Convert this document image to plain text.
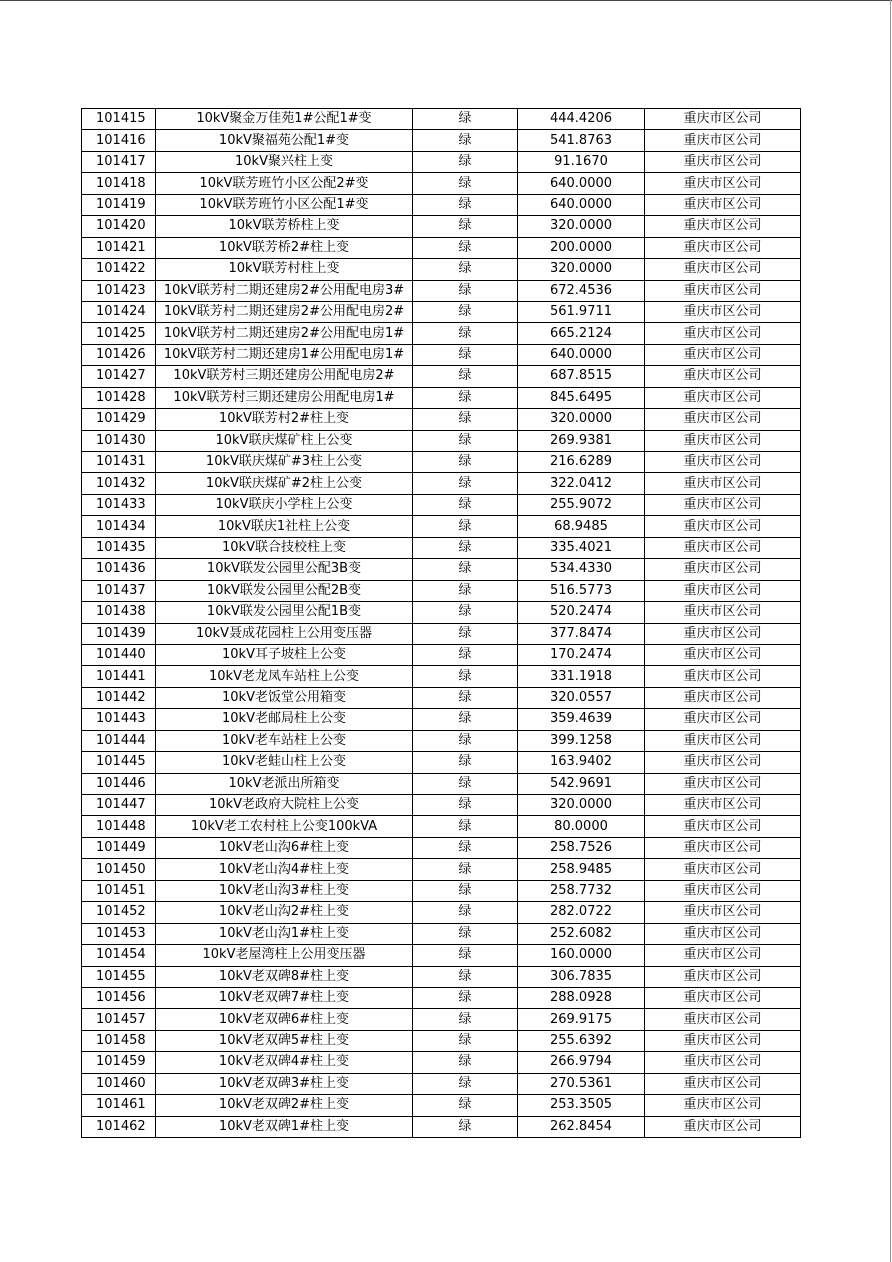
101415	10kV聚金万佳苑1#公配1#变	绿	444.4206	重庆市区公司
101416	10kV聚福苑公配1#变	绿	541.8763	重庆市区公司
101417	10kV聚兴柱上变	绿	91.1670	重庆市区公司
101418	10kV联芳班竹小区公配2#变	绿	640.0000	重庆市区公司
101419	10kV联芳班竹小区公配1#变	绿	640.0000	重庆市区公司
101420	10kV联芳桥柱上变	绿	320.0000	重庆市区公司
101421	10kV联芳桥2#柱上变	绿	200.0000	重庆市区公司
101422	10kV联芳村柱上变	绿	320.0000	重庆市区公司
101423	10kV联芳村二期还建房2#公用配电房3#	绿	672.4536	重庆市区公司
101424	10kV联芳村二期还建房2#公用配电房2#	绿	561.9711	重庆市区公司
101425	10kV联芳村二期还建房2#公用配电房1#	绿	665.2124	重庆市区公司
101426	10kV联芳村二期还建房1#公用配电房1#	绿	640.0000	重庆市区公司
101427	10kV联芳村三期还建房公用配电房2#	绿	687.8515	重庆市区公司
101428	10kV联芳村三期还建房公用配电房1#	绿	845.6495	重庆市区公司
101429	10kV联芳村2#柱上变	绿	320.0000	重庆市区公司
101430	10kV联庆煤矿柱上公变	绿	269.9381	重庆市区公司
101431	10kV联庆煤矿#3柱上公变	绿	216.6289	重庆市区公司
101432	10kV联庆煤矿#2柱上公变	绿	322.0412	重庆市区公司
101433	10kV联庆小学柱上公变	绿	255.9072	重庆市区公司
101434	10kV联庆1社柱上公变	绿	68.9485	重庆市区公司
101435	10kV联合技校柱上变	绿	335.4021	重庆市区公司
101436	10kV联发公园里公配3B变	绿	534.4330	重庆市区公司
101437	10kV联发公园里公配2B变	绿	516.5773	重庆市区公司
101438	10kV联发公园里公配1B变	绿	520.2474	重庆市区公司
101439	10kV聂成花园柱上公用变压器	绿	377.8474	重庆市区公司
101440	10kV耳子坡柱上公变	绿	170.2474	重庆市区公司
101441	10kV老龙凤车站柱上公变	绿	331.1918	重庆市区公司
101442	10kV老饭堂公用箱变	绿	320.0557	重庆市区公司
101443	10kV老邮局柱上公变	绿	359.4639	重庆市区公司
101444	10kV老车站柱上公变	绿	399.1258	重庆市区公司
101445	10kV老蛙山柱上公变	绿	163.9402	重庆市区公司
101446	10kV老派出所箱变	绿	542.9691	重庆市区公司
101447	10kV老政府大院柱上公变	绿	320.0000	重庆市区公司
101448	10kV老工农村柱上公变100kVA	绿	80.0000	重庆市区公司
101449	10kV老山沟6#柱上变	绿	258.7526	重庆市区公司
101450	10kV老山沟4#柱上变	绿	258.9485	重庆市区公司
101451	10kV老山沟3#柱上变	绿	258.7732	重庆市区公司
101452	10kV老山沟2#柱上变	绿	282.0722	重庆市区公司
101453	10kV老山沟1#柱上变	绿	252.6082	重庆市区公司
101454	10kV老屋湾柱上公用变压器	绿	160.0000	重庆市区公司
101455	10kV老双碑8#柱上变	绿	306.7835	重庆市区公司
101456	10kV老双碑7#柱上变	绿	288.0928	重庆市区公司
101457	10kV老双碑6#柱上变	绿	269.9175	重庆市区公司
101458	10kV老双碑5#柱上变	绿	255.6392	重庆市区公司
101459	10kV老双碑4#柱上变	绿	266.9794	重庆市区公司
101460	10kV老双碑3#柱上变	绿	270.5361	重庆市区公司
101461	10kV老双碑2#柱上变	绿	253.3505	重庆市区公司
101462	10kV老双碑1#柱上变	绿	262.8454	重庆市区公司
